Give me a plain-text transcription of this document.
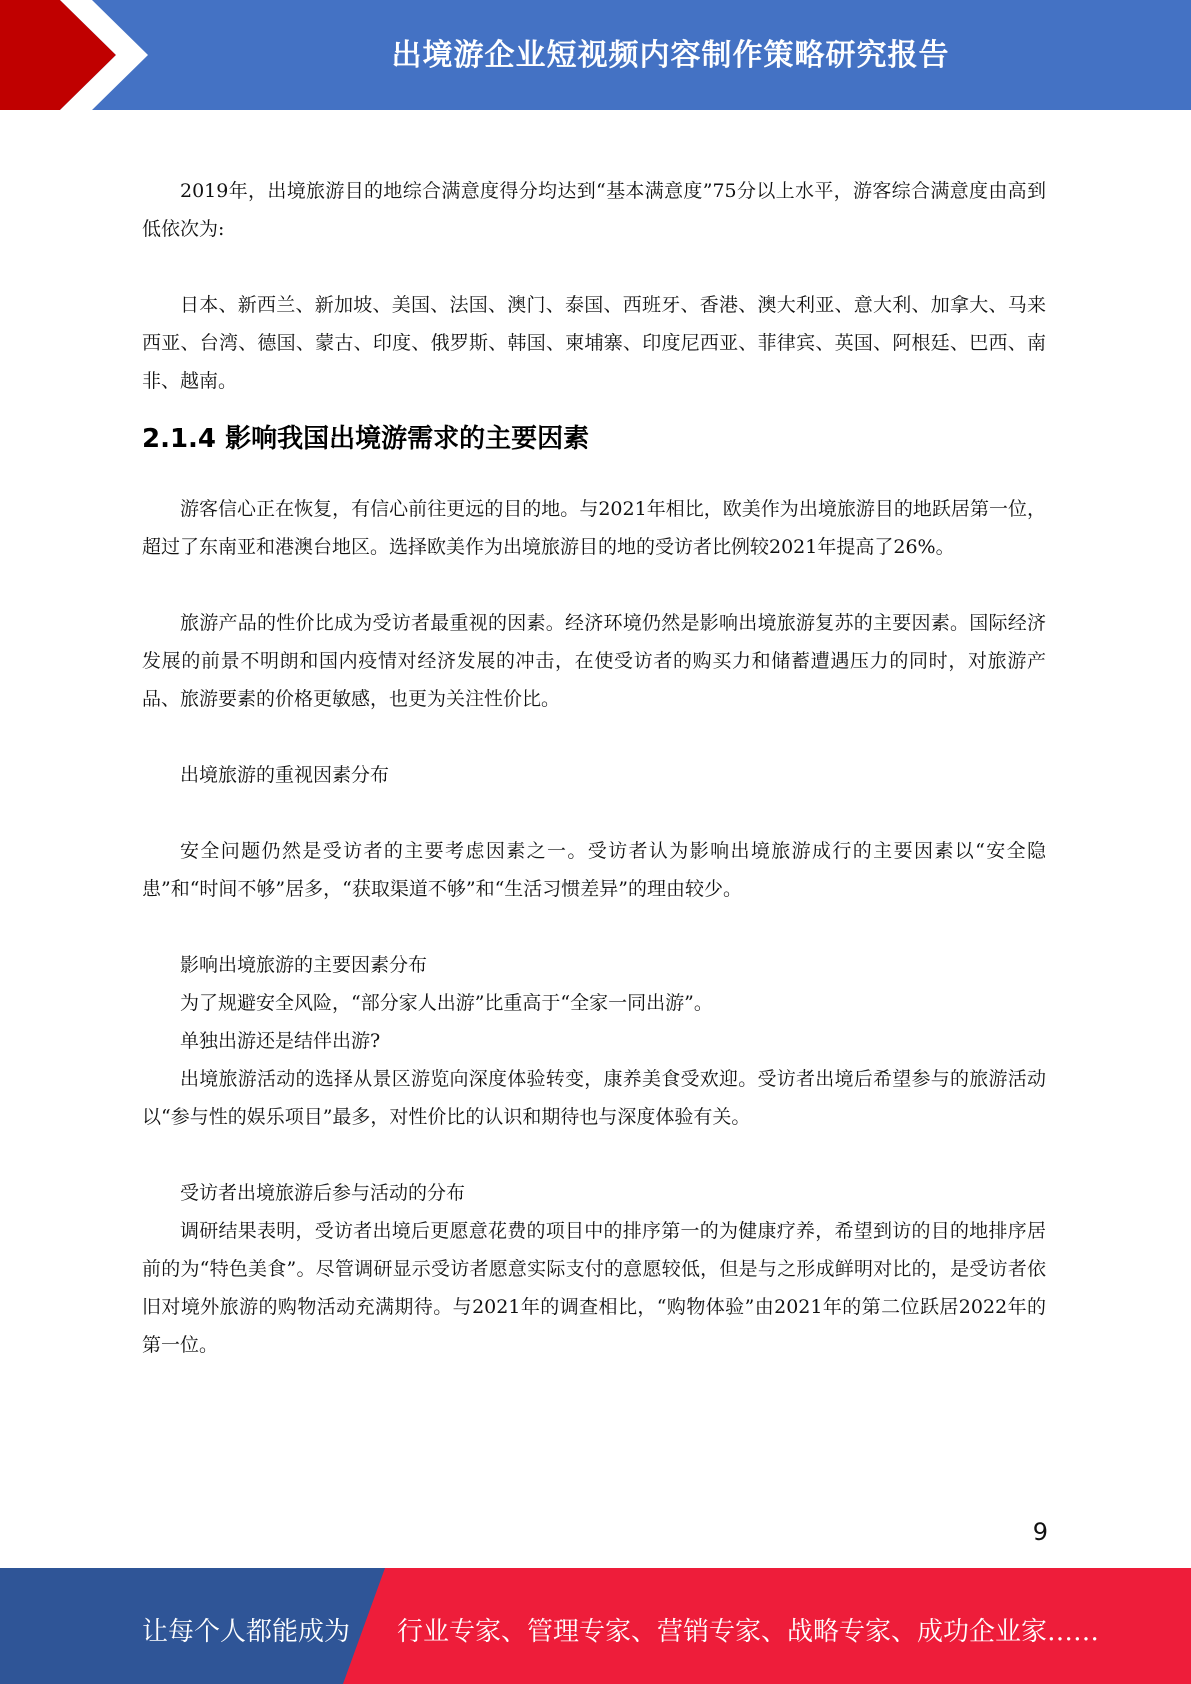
出境游企业短视频内容制作策略研究报告

2019年，出境旅游目的地综合满意度得分均达到“基本满意度”75分以上水平，游客综合满意度由高到低依次为:

日本、新西兰、新加坡、美国、法国、澳门、泰国、西班牙、香港、澳大利亚、意大利、加拿大、马来西亚、台湾、德国、蒙古、印度、俄罗斯、韩国、柬埔寨、印度尼西亚、菲律宾、英国、阿根廷、巴西、南非、越南。

2.1.4 影响我国出境游需求的主要因素

游客信心正在恢复，有信心前往更远的目的地。与2021年相比，欧美作为出境旅游目的地跃居第一位，超过了东南亚和港澳台地区。选择欧美作为出境旅游目的地的受访者比例较2021年提高了26%。

旅游产品的性价比成为受访者最重视的因素。经济环境仍然是影响出境旅游复苏的主要因素。国际经济发展的前景不明朗和国内疫情对经济发展的冲击，在使受访者的购买力和储蓄遭遇压力的同时，对旅游产品、旅游要素的价格更敏感，也更为关注性价比。

出境旅游的重视因素分布

安全问题仍然是受访者的主要考虑因素之一。受访者认为影响出境旅游成行的主要因素以“安全隐患”和“时间不够”居多，“获取渠道不够”和“生活习惯差异”的理由较少。

影响出境旅游的主要因素分布

为了规避安全风险，“部分家人出游”比重高于“全家一同出游”。

单独出游还是结伴出游?

出境旅游活动的选择从景区游览向深度体验转变，康养美食受欢迎。受访者出境后希望参与的旅游活动以“参与性的娱乐项目”最多，对性价比的认识和期待也与深度体验有关。

受访者出境旅游后参与活动的分布

调研结果表明，受访者出境后更愿意花费的项目中的排序第一的为健康疗养，希望到访的目的地排序居前的为“特色美食”。尽管调研显示受访者愿意实际支付的意愿较低，但是与之形成鲜明对比的，是受访者依旧对境外旅游的购物活动充满期待。与2021年的调查相比，“购物体验”由2021年的第二位跃居2022年的第一位。

9
让每个人都能成为 行业专家、管理专家、营销专家、战略专家、成功企业家……
